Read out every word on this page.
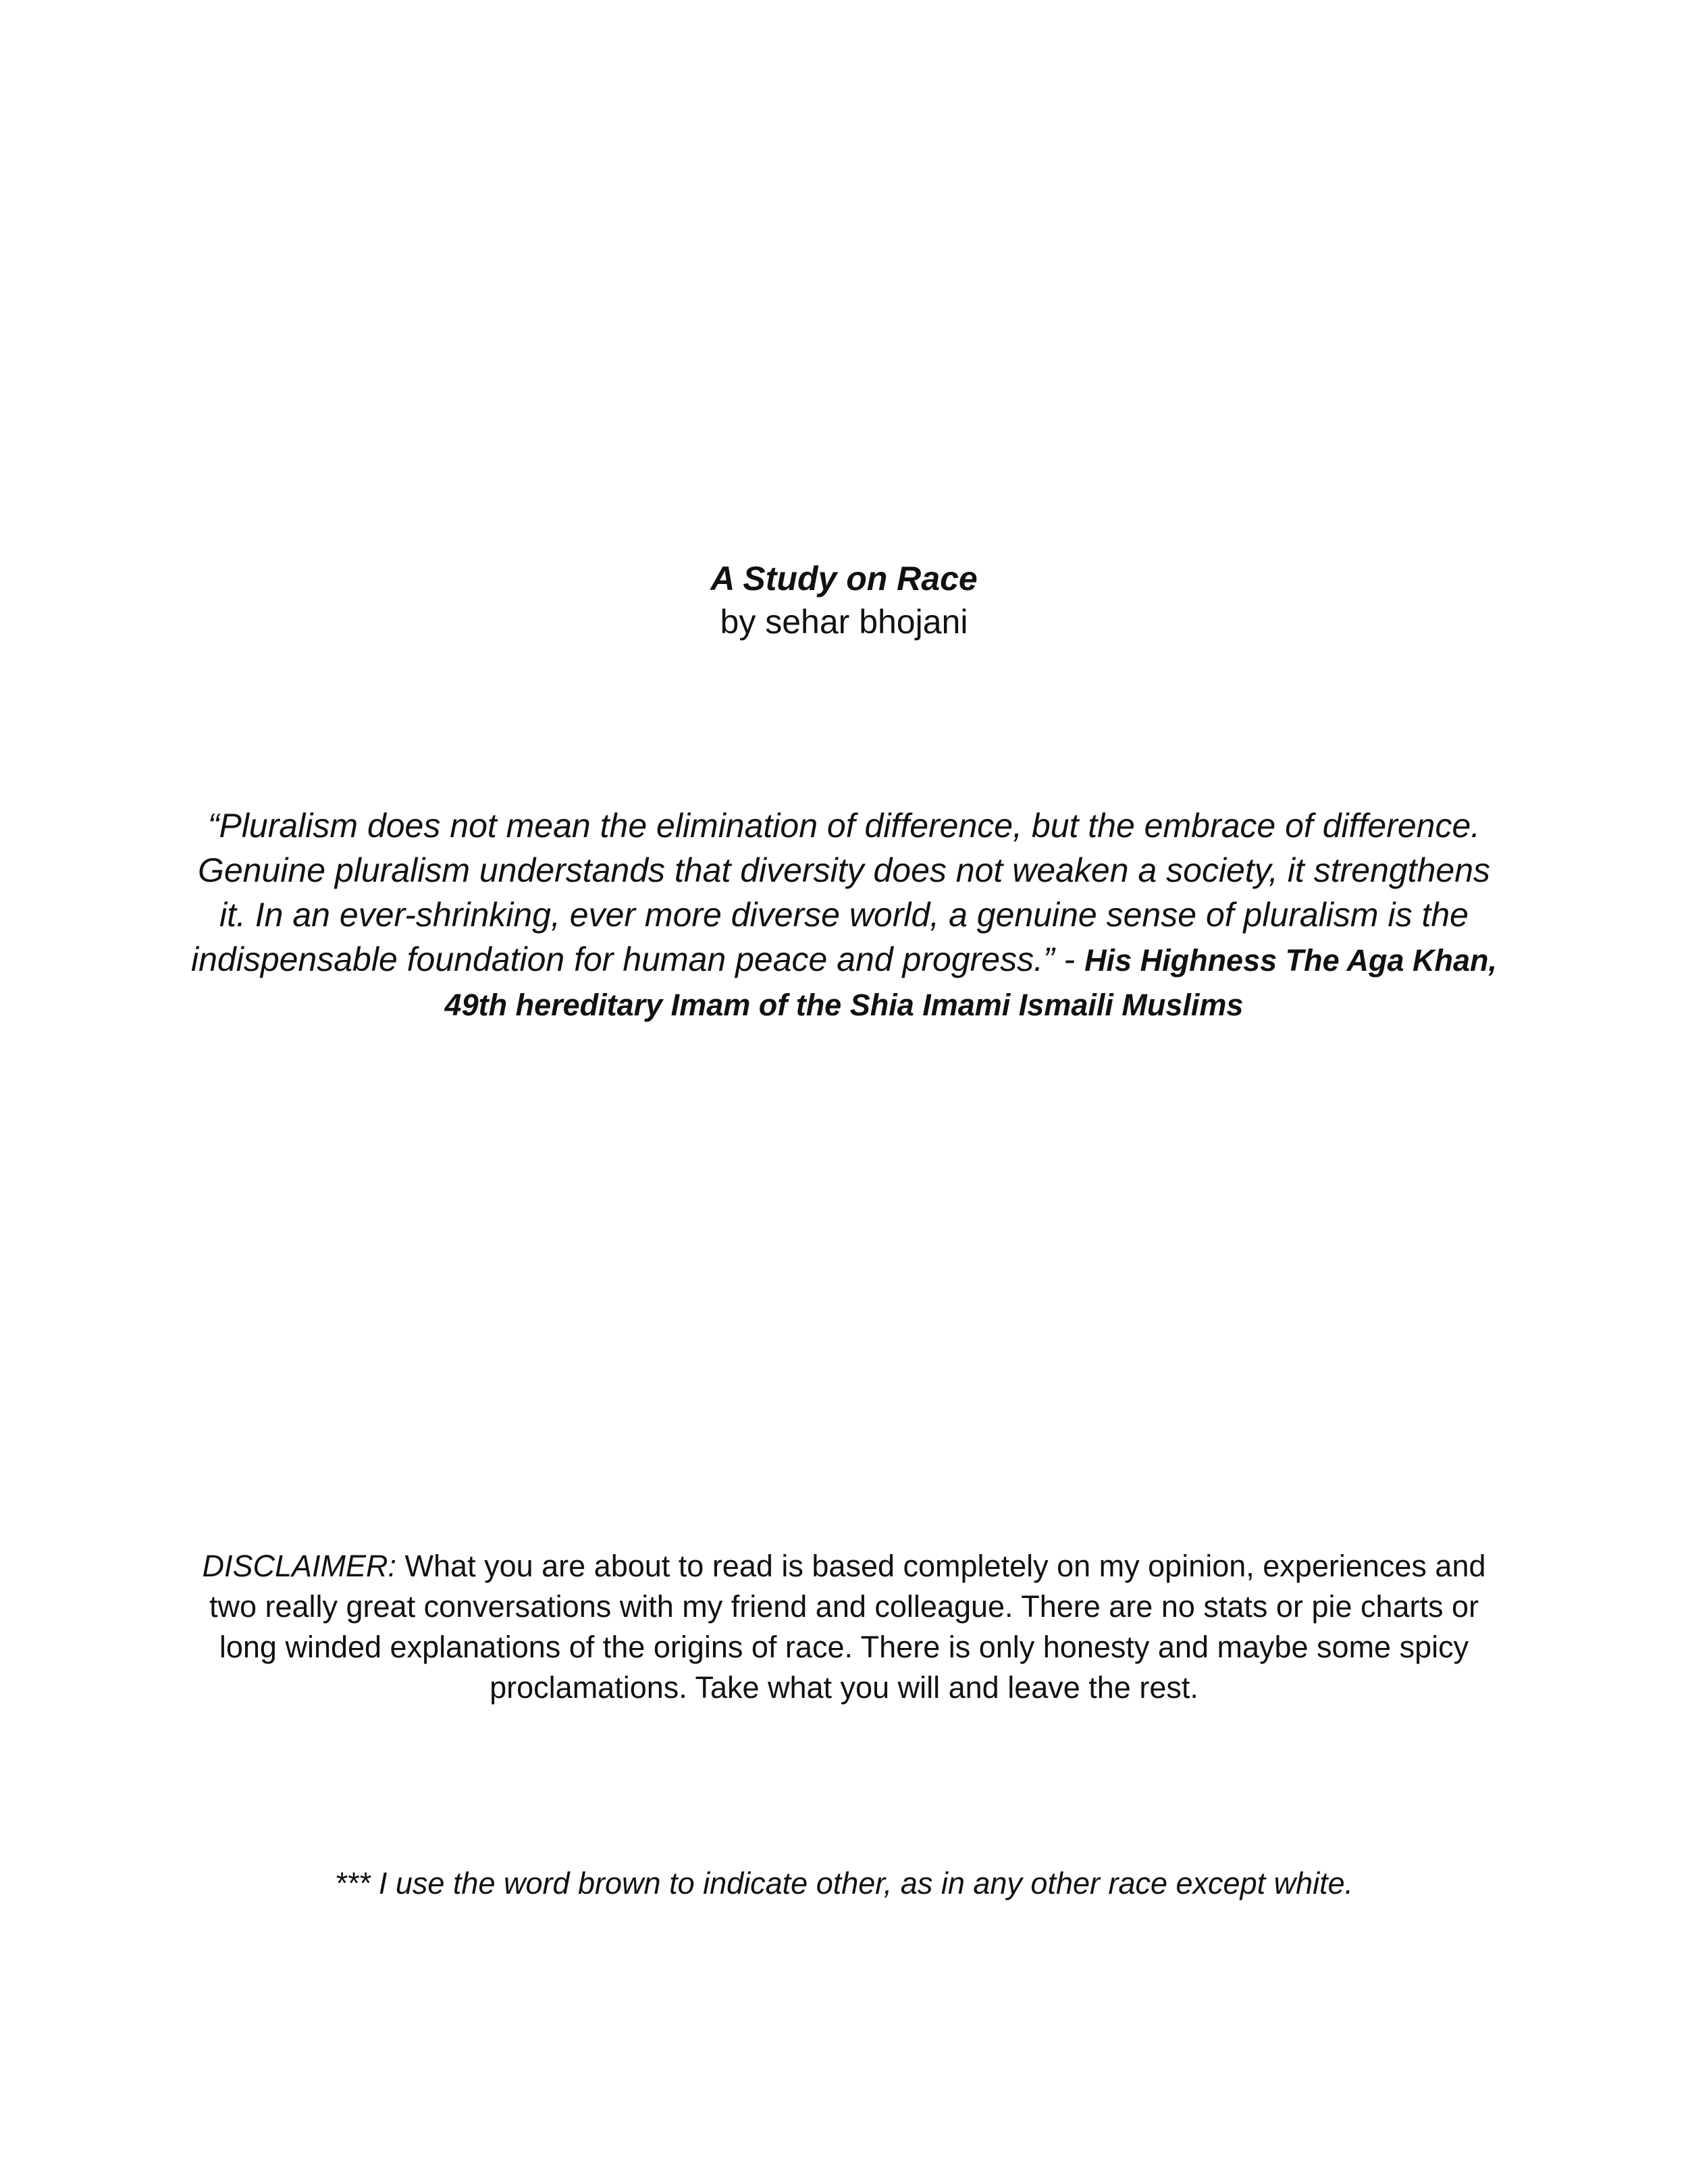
A Study on Race
by sehar bhojani
“Pluralism does not mean the elimination of difference, but the embrace of difference. Genuine pluralism understands that diversity does not weaken a society, it strengthens it. In an ever-shrinking, ever more diverse world, a genuine sense of pluralism is the indispensable foundation for human peace and progress.” - His Highness The Aga Khan, 49th hereditary Imam of the Shia Imami Ismaili Muslims
DISCLAIMER: What you are about to read is based completely on my opinion, experiences and two really great conversations with my friend and colleague. There are no stats or pie charts or long winded explanations of the origins of race. There is only honesty and maybe some spicy proclamations. Take what you will and leave the rest.
*** I use the word brown to indicate other, as in any other race except white.
